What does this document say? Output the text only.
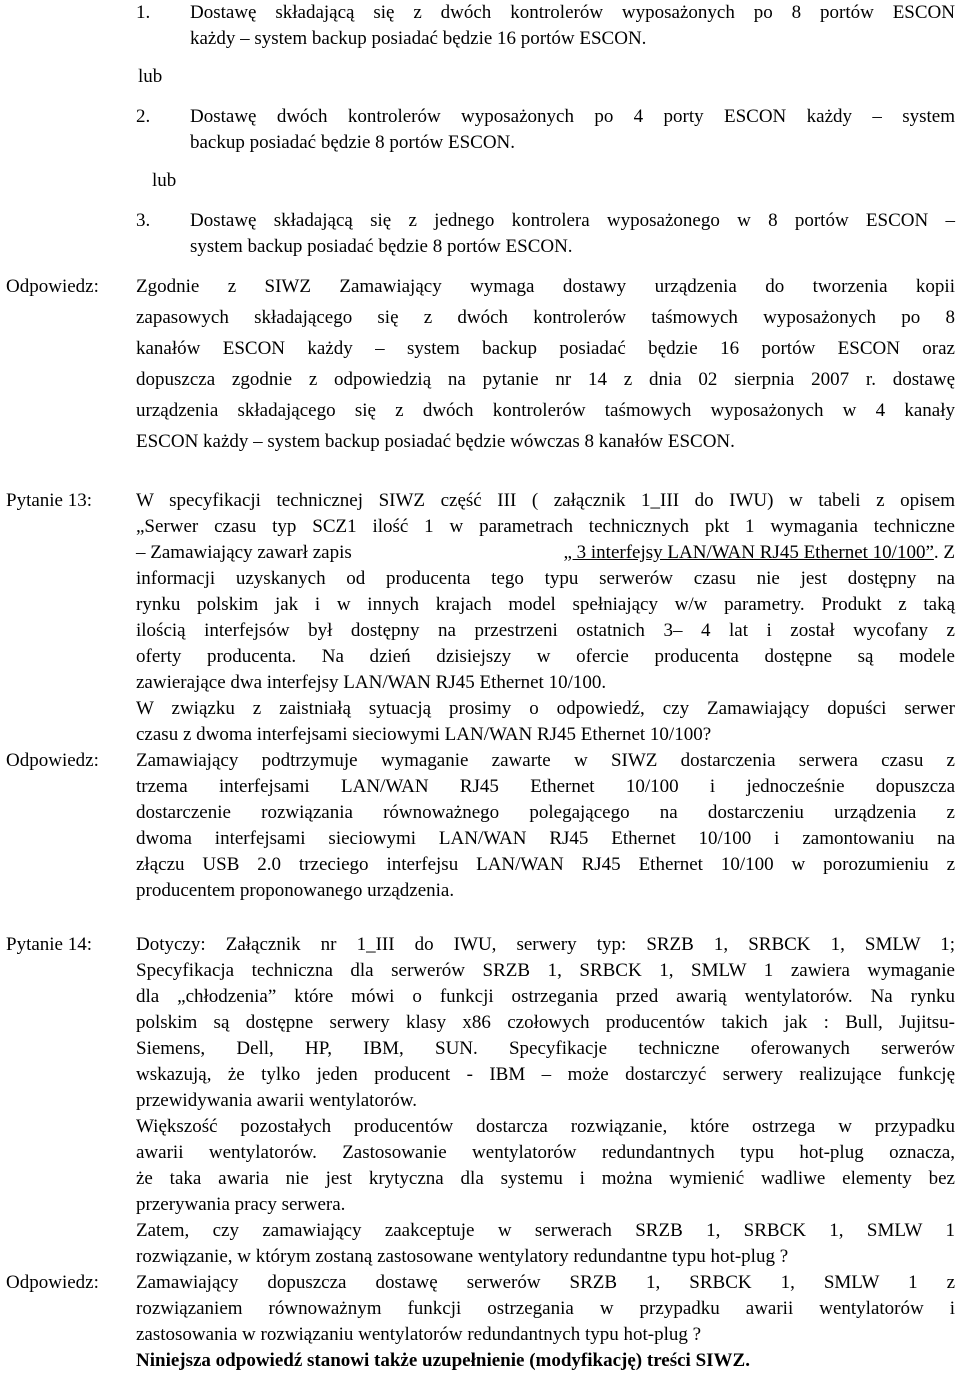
1. Dostawę składającą się z dwóch kontrolerów wyposażonych po 8 portów ESCON
każdy – system backup posiadać będzie 16 portów ESCON.
lub
2. Dostawę dwóch kontrolerów wyposażonych po 4 porty ESCON każdy – system
backup posiadać będzie 8 portów ESCON.
lub
3. Dostawę składającą się z jednego kontrolera wyposażonego w 8 portów ESCON –
system backup posiadać będzie 8 portów ESCON.
Odpowiedz: Zgodnie z SIWZ Zamawiający wymaga dostawy urządzenia do tworzenia kopii
zapasowych składającego się z dwóch kontrolerów taśmowych wyposażonych po 8
kanałów ESCON każdy – system backup posiadać będzie 16 portów ESCON oraz
dopuszcza zgodnie z odpowiedzią na pytanie nr 14 z dnia 02 sierpnia 2007 r. dostawę
urządzenia składającego się z dwóch kontrolerów taśmowych wyposażonych w 4 kanały
ESCON każdy – system backup posiadać będzie wówczas 8 kanałów ESCON.
Pytanie 13: W specyfikacji technicznej SIWZ część III ( załącznik 1_III do IWU) w tabeli z opisem
„Serwer czasu typ SCZ1 ilość 1 w parametrach technicznych pkt 1 wymagania techniczne
– Zamawiający zawarł zapis	„ 3 interfejsy LAN/WAN RJ45 Ethernet 10/100” . Z
informacji uzyskanych od producenta tego typu serwerów czasu nie jest dostępny na
rynku polskim jak i w innych krajach model spełniający w/w parametry. Produkt z taką
ilością interfejsów był dostępny na przestrzeni ostatnich 3– 4 lat i został wycofany z
oferty producenta. Na dzień dzisiejszy w ofercie producenta dostępne są modele
zawierające dwa interfejsy LAN/WAN RJ45 Ethernet 10/100.
W związku z zaistniałą sytuacją prosimy o odpowiedź, czy Zamawiający dopuści serwer
czasu z dwoma interfejsami sieciowymi LAN/WAN RJ45 Ethernet 10/100?
Odpowiedz: Zamawiający podtrzymuje wymaganie zawarte w SIWZ dostarczenia serwera czasu z
trzema interfejsami LAN/WAN RJ45 Ethernet 10/100 i jednocześnie dopuszcza
dostarczenie rozwiązania równoważnego polegającego na dostarczeniu urządzenia z
dwoma interfejsami sieciowymi LAN/WAN RJ45 Ethernet 10/100 i zamontowaniu na
złączu USB 2.0 trzeciego interfejsu LAN/WAN RJ45 Ethernet 10/100 w porozumieniu z
producentem proponowanego urządzenia.
Pytanie 14: Dotyczy: Załącznik nr 1_III do IWU, serwery typ: SRZB 1, SRBCK 1, SMLW 1;
Specyfikacja techniczna dla serwerów SRZB 1, SRBCK 1, SMLW 1 zawiera wymaganie
dla „chłodzenia” które mówi o funkcji ostrzegania przed awarią wentylatorów. Na rynku
polskim są dostępne serwery klasy x86 czołowych producentów takich jak : Bull, Jujitsu-
Siemens, Dell, HP, IBM, SUN. Specyfikacje techniczne oferowanych serwerów
wskazują, że tylko jeden producent - IBM – może dostarczyć serwery realizujące funkcję
przewidywania awarii wentylatorów.
Większość pozostałych producentów dostarcza rozwiązanie, które ostrzega w przypadku
awarii wentylatorów. Zastosowanie wentylatorów redundantnych typu hot-plug oznacza,
że taka awaria nie jest krytyczna dla systemu i można wymienić wadliwe elementy bez
przerywania pracy serwera.
Zatem, czy zamawiający zaakceptuje w serwerach SRZB 1, SRBCK 1, SMLW 1
rozwiązanie, w którym zostaną zastosowane wentylatory redundantne typu hot-plug ?
Odpowiedz: Zamawiający dopuszcza dostawę serwerów SRZB 1, SRBCK 1, SMLW 1 z
rozwiązaniem równoważnym funkcji ostrzegania w przypadku awarii wentylatorów i
zastosowania w rozwiązaniu wentylatorów redundantnych typu hot-plug ?
Niniejsza odpowiedź stanowi także uzupełnienie (modyfikację) treści SIWZ.
